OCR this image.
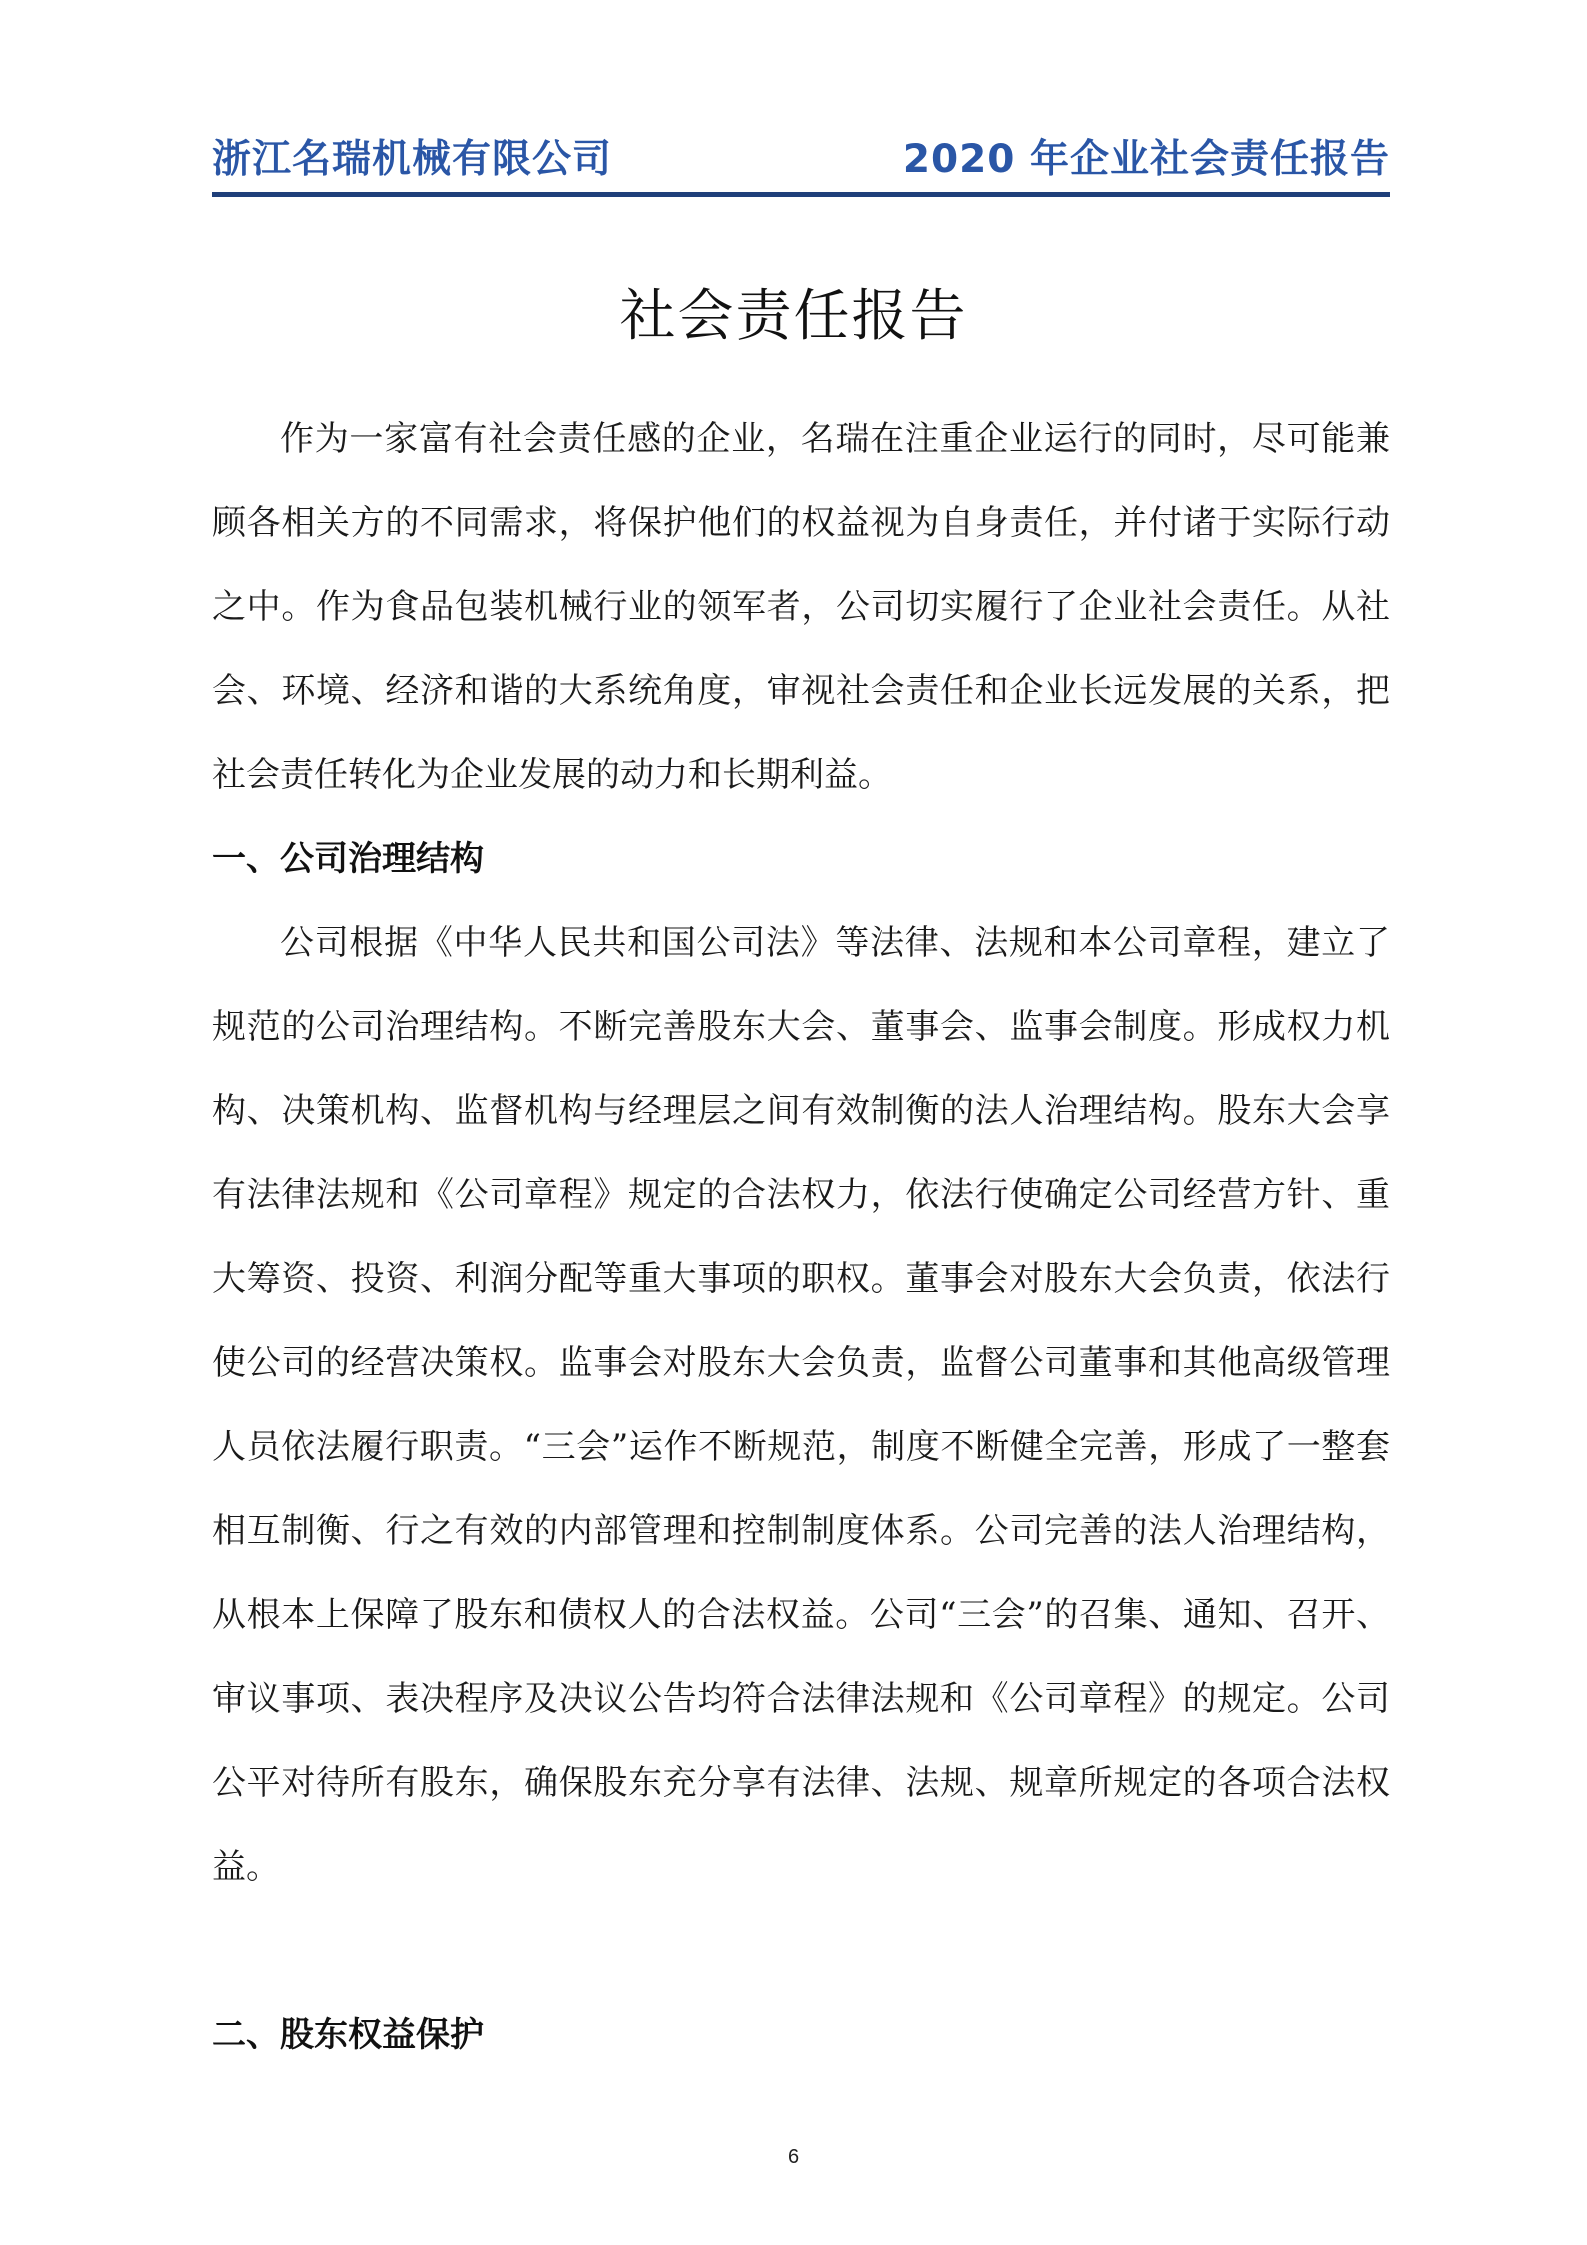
浙江名瑞机械有限公司	2020 年企业社会责任报告
社会责任报告

作为一家富有社会责任感的企业，名瑞在注重企业运行的同时，尽可能兼顾各相关方的不同需求，将保护他们的权益视为自身责任，并付诸于实际行动之中。作为食品包装机械行业的领军者，公司切实履行了企业社会责任。从社会、环境、经济和谐的大系统角度，审视社会责任和企业长远发展的关系，把社会责任转化为企业发展的动力和长期利益。

一、公司治理结构

公司根据《中华人民共和国公司法》等法律、法规和本公司章程，建立了规范的公司治理结构。不断完善股东大会、董事会、监事会制度。形成权力机构、决策机构、监督机构与经理层之间有效制衡的法人治理结构。股东大会享有法律法规和《公司章程》规定的合法权力，依法行使确定公司经营方针、重大筹资、投资、利润分配等重大事项的职权。董事会对股东大会负责，依法行使公司的经营决策权。监事会对股东大会负责，监督公司董事和其他高级管理人员依法履行职责。“三会”运作不断规范，制度不断健全完善，形成了一整套相互制衡、行之有效的内部管理和控制制度体系。公司完善的法人治理结构，从根本上保障了股东和债权人的合法权益。公司“三会”的召集、通知、召开、审议事项、表决程序及决议公告均符合法律法规和《公司章程》的规定。公司公平对待所有股东，确保股东充分享有法律、法规、规章所规定的各项合法权益。

二、股东权益保护
6
